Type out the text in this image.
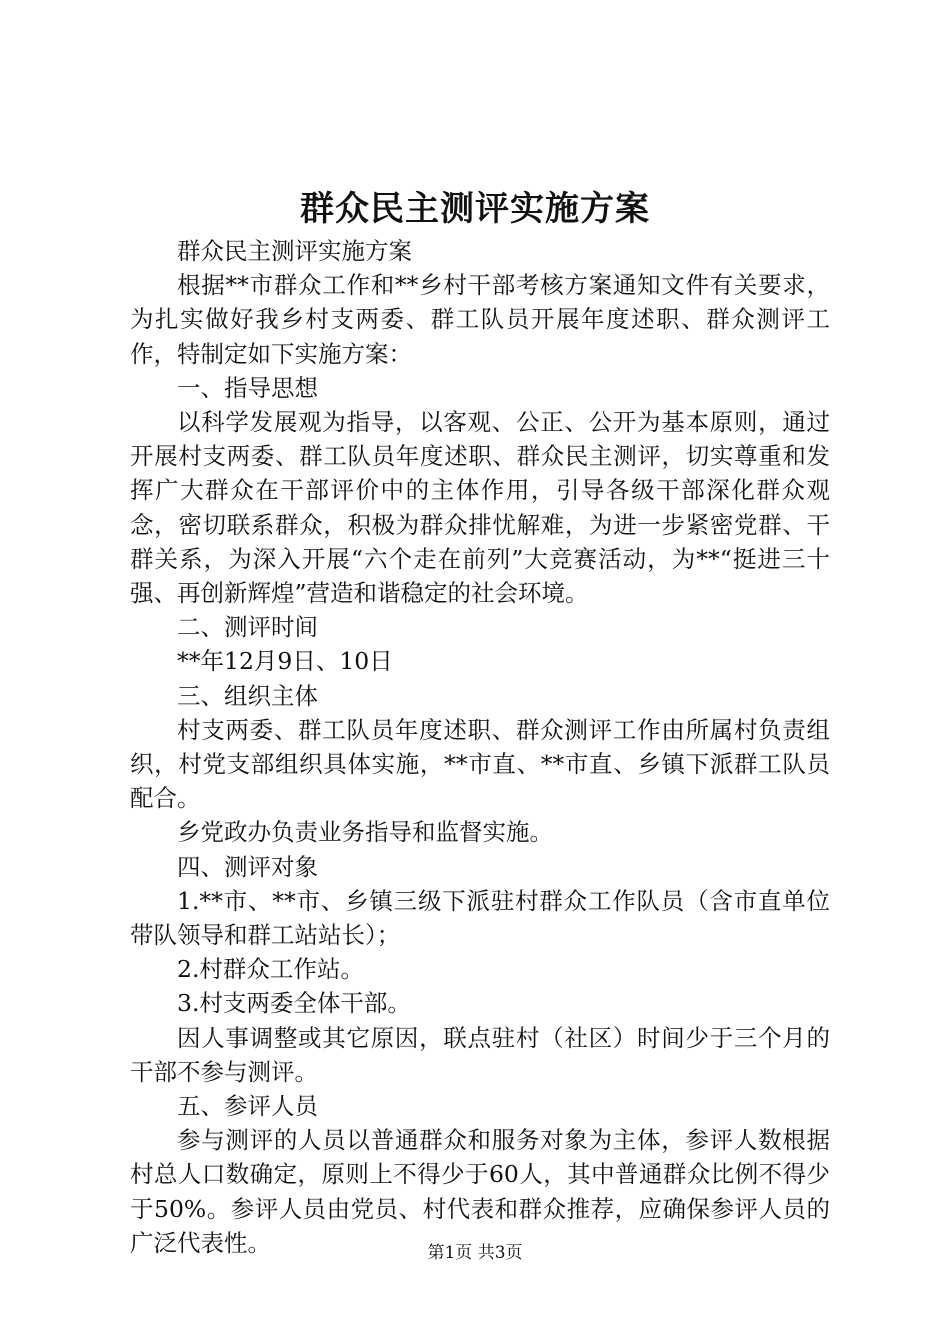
群众民主测评实施方案

群众民主测评实施方案

根据**市群众工作和**乡村干部考核方案通知文件有关要求，为扎实做好我乡村支两委、群工队员开展年度述职、群众测评工作，特制定如下实施方案：

一、指导思想

以科学发展观为指导，以客观、公正、公开为基本原则，通过开展村支两委、群工队员年度述职、群众民主测评，切实尊重和发挥广大群众在干部评价中的主体作用，引导各级干部深化群众观念，密切联系群众，积极为群众排忧解难，为进一步紧密党群、干群关系，为深入开展“六个走在前列”大竞赛活动，为**“挺进三十强、再创新辉煌”营造和谐稳定的社会环境。

二、测评时间

**年12月9日、10日

三、组织主体

村支两委、群工队员年度述职、群众测评工作由所属村负责组织，村党支部组织具体实施，**市直、**市直、乡镇下派群工队员配合。

乡党政办负责业务指导和监督实施。

四、测评对象

1.**市、**市、乡镇三级下派驻村群众工作队员（含市直单位带队领导和群工站站长）；

2.村群众工作站。

3.村支两委全体干部。

因人事调整或其它原因，联点驻村（社区）时间少于三个月的干部不参与测评。

五、参评人员

参与测评的人员以普通群众和服务对象为主体，参评人数根据村总人口数确定，原则上不得少于60人，其中普通群众比例不得少于50%。参评人员由党员、村代表和群众推荐，应确保参评人员的广泛代表性。	第1页 共3页
